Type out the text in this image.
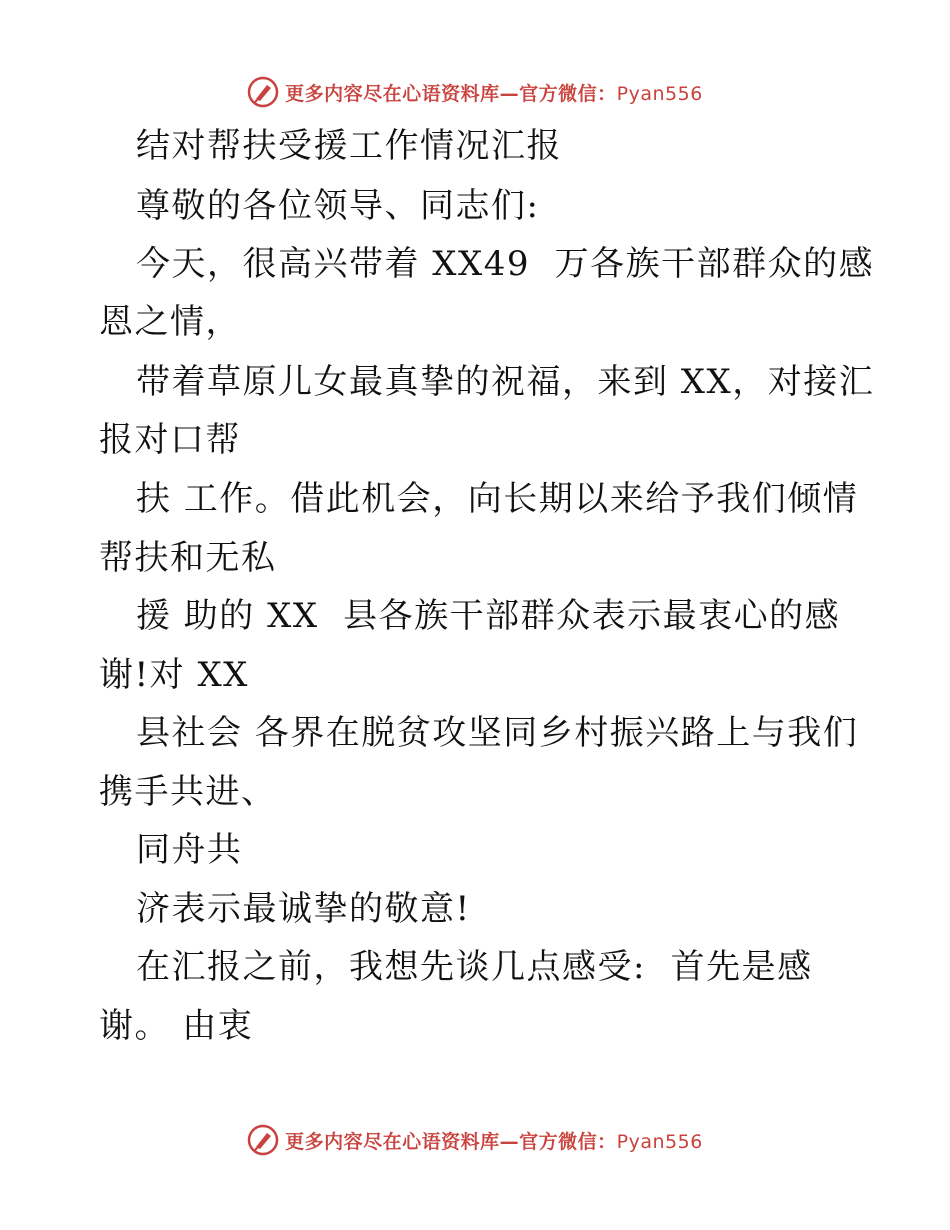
更多内容尽在心语资料库—官方微信：Pyan556
结对帮扶受援工作情况汇报
尊敬的各位领导、同志们:
今天，很高兴带着 XX49  万各族干部群众的感
恩之情，
带着草原儿女最真挚的祝福，来到 XX，对接汇
报对口帮
扶 工作。借此机会，向长期以来给予我们倾情
帮扶和无私
援 助的 XX  县各族干部群众表示最衷心的感
谢!对 XX
县社会 各界在脱贫攻坚同乡村振兴路上与我们
携手共进、
同舟共
济表示最诚挚的敬意!
在汇报之前，我想先谈几点感受:  首先是感
谢。 由衷
更多内容尽在心语资料库—官方微信：Pyan556
